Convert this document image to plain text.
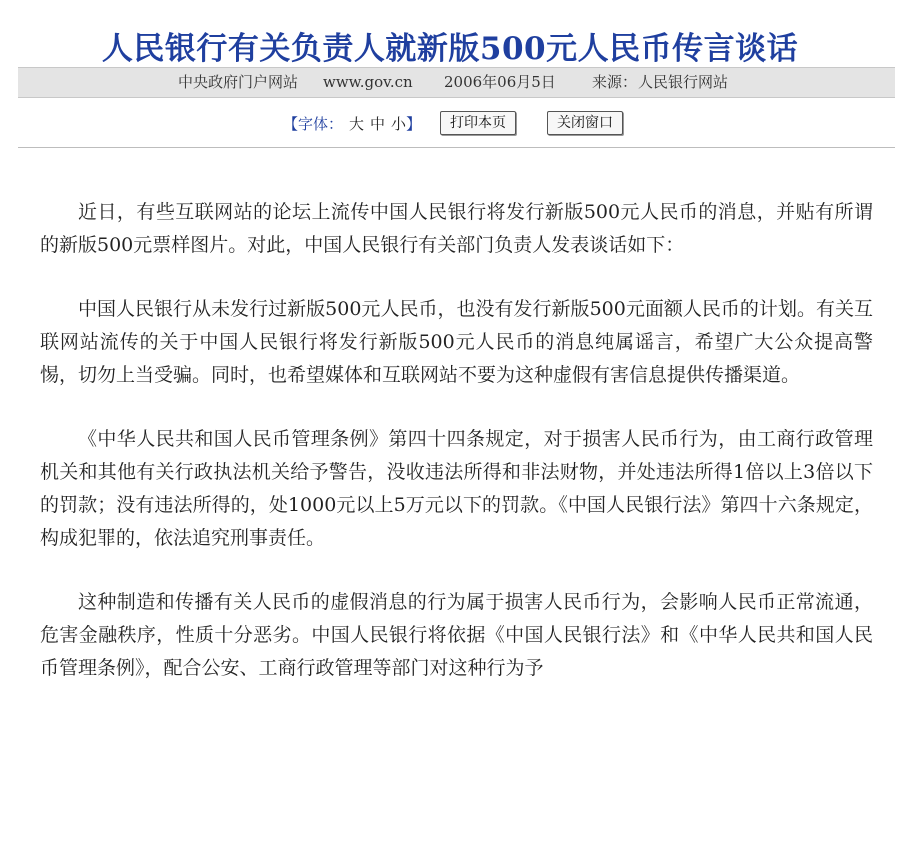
人民银行有关负责人就新版500元人民币传言谈话
中央政府门户网站 www.gov.cn 2006年06月5日 来源： 人民银行网站
【字体： 大 中 小】	打印本页	关闭窗口

近日，有些互联网站的论坛上流传中国人民银行将发行新版500元人民币的消息，并贴有所谓的新版500元票样图片。对此，中国人民银行有关部门负责人发表谈话如下：

中国人民银行从未发行过新版500元人民币，也没有发行新版500元面额人民币的计划。有关互联网站流传的关于中国人民银行将发行新版500元人民币的消息纯属谣言，希望广大公众提高警惕，切勿上当受骗。同时，也希望媒体和互联网站不要为这种虚假有害信息提供传播渠道。

《中华人民共和国人民币管理条例》第四十四条规定，对于损害人民币行为，由工商行政管理机关和其他有关行政执法机关给予警告，没收违法所得和非法财物，并处违法所得1倍以上3倍以下的罚款；没有违法所得的，处1000元以上5万元以下的罚款。《中国人民银行法》第四十六条规定，构成犯罪的，依法追究刑事责任。

这种制造和传播有关人民币的虚假消息的行为属于损害人民币行为，会影响人民币正常流通，危害金融秩序，性质十分恶劣。中国人民银行将依据《中国人民银行法》和《中华人民共和国人民币管理条例》，配合公安、工商行政管理等部门对这种行为予
